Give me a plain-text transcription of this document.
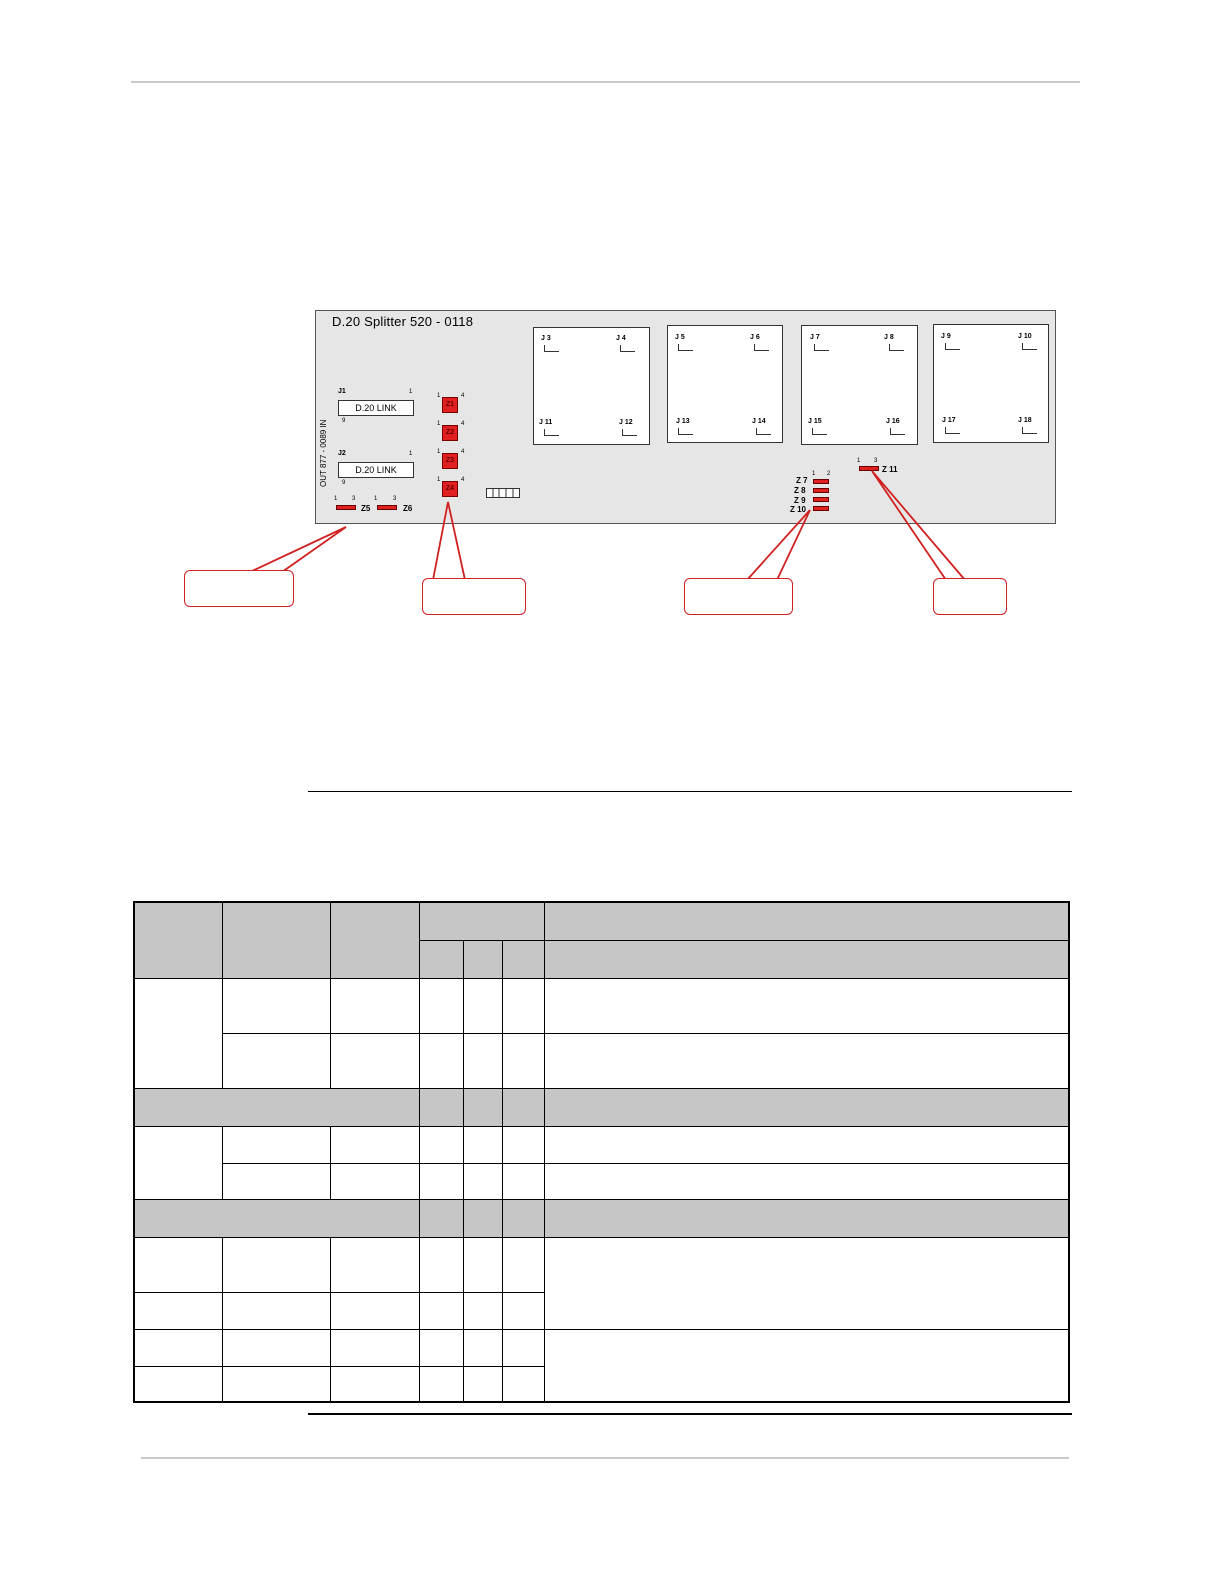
D.20 Splitter 520 - 0118
OUT 877 - 0089 IN
J1	1
D.20 LINK
9
J2	1
D.20 LINK
9
1 3
Z5
1	3
Z6
1	4
Z1
1	4
Z2
1	4
Z3
1	4
Z4
J 3	J 4
J 11	J 12
J 5	J 6
J 13	J 14
J 7	J 8
J 15	J 16
J 9	J 10
J 17	J 18
1 2
Z 7
Z 8
Z 9
Z 10
1 3
Z 11
